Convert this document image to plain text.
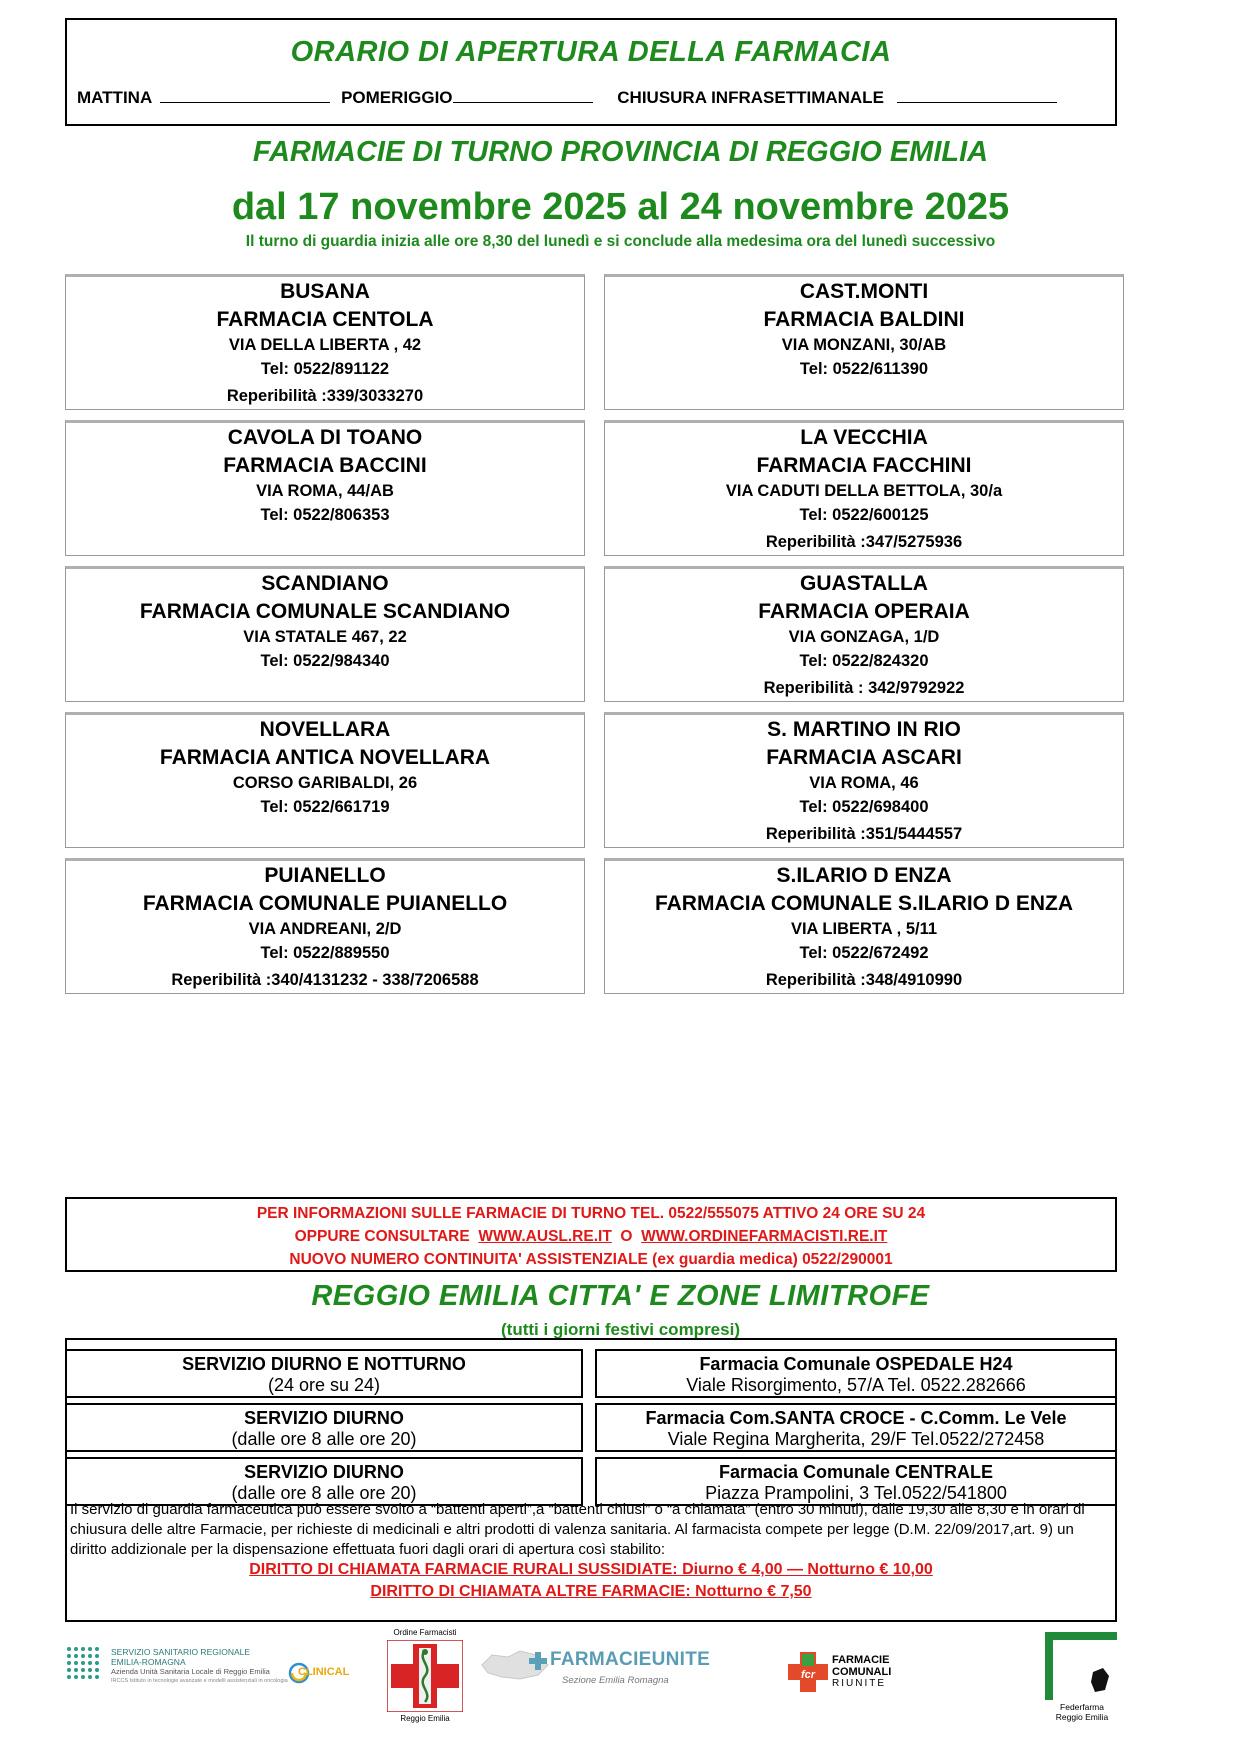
ORARIO DI APERTURA DELLA FARMACIA
MATTINA	POMERIGGIO	CHIUSURA INFRASETTIMANALE
FARMACIE DI TURNO PROVINCIA DI REGGIO EMILIA
dal 17 novembre 2025 al 24 novembre 2025
Il turno di guardia inizia alle ore 8,30 del lunedì e si conclude alla medesima ora del lunedì successivo
BUSANA
FARMACIA CENTOLA
VIA DELLA LIBERTA , 42
Tel: 0522/891122
Reperibilità :339/3033270
CAST.MONTI
FARMACIA BALDINI
VIA MONZANI, 30/AB
Tel: 0522/611390
CAVOLA DI TOANO
FARMACIA BACCINI
VIA ROMA, 44/AB
Tel: 0522/806353
LA VECCHIA
FARMACIA FACCHINI
VIA CADUTI DELLA BETTOLA, 30/a
Tel: 0522/600125
Reperibilità :347/5275936
SCANDIANO
FARMACIA COMUNALE SCANDIANO
VIA STATALE 467, 22
Tel: 0522/984340
GUASTALLA
FARMACIA OPERAIA
VIA GONZAGA, 1/D
Tel: 0522/824320
Reperibilità : 342/9792922
NOVELLARA
FARMACIA ANTICA NOVELLARA
CORSO GARIBALDI, 26
Tel: 0522/661719
S. MARTINO IN RIO
FARMACIA ASCARI
VIA ROMA, 46
Tel: 0522/698400
Reperibilità :351/5444557
PUIANELLO
FARMACIA COMUNALE PUIANELLO
VIA ANDREANI, 2/D
Tel: 0522/889550
Reperibilità :340/4131232 - 338/7206588
S.ILARIO D ENZA
FARMACIA COMUNALE S.ILARIO D ENZA
VIA LIBERTA , 5/11
Tel: 0522/672492
Reperibilità :348/4910990
PER INFORMAZIONI SULLE FARMACIE DI TURNO TEL. 0522/555075 ATTIVO 24 ORE SU 24
OPPURE CONSULTARE WWW.AUSL.RE.IT O WWW.ORDINEFARMACISTI.RE.IT
NUOVO NUMERO CONTINUITA' ASSISTENZIALE (ex guardia medica) 0522/290001
REGGIO EMILIA CITTA' E ZONE LIMITROFE
(tutti i giorni festivi compresi)
SERVIZIO DIURNO E NOTTURNO
(24 ore su 24)
Farmacia Comunale OSPEDALE H24
Viale Risorgimento, 57/A Tel. 0522.282666
SERVIZIO DIURNO
(dalle ore 8 alle ore 20)
Farmacia Com.SANTA CROCE - C.Comm. Le Vele
Viale Regina Margherita, 29/F Tel.0522/272458
SERVIZIO DIURNO
(dalle ore 8 alle ore 20)
Farmacia Comunale CENTRALE
Piazza Prampolini, 3 Tel.0522/541800
Il servizio di guardia farmaceutica può essere svolto a “battenti aperti”,a “battenti chiusi” o “a chiamata” (entro 30 minuti), dalle 19,30 alle 8,30 e in orari di chiusura delle altre Farmacie, per richieste di medicinali e altri prodotti di valenza sanitaria. Al farmacista compete per legge (D.M. 22/09/2017,art. 9) un diritto addizionale per la dispensazione effettuata fuori dagli orari di apertura così stabilito:
DIRITTO DI CHIAMATA FARMACIE RURALI SUSSIDIATE: Diurno € 4,00 — Notturno € 10,00
DIRITTO DI CHIAMATA ALTRE FARMACIE: Notturno € 7,50
SERVIZIO SANITARIO REGIONALE
EMILIA-ROMAGNA
Azienda Unità Sanitaria Locale di Reggio Emilia
IRCCS Istituto in tecnologie avanzate e modelli assistenziali in oncologia
CLINICAL
Ordine Farmacisti
Reggio Emilia
FARMACIEUNITE
Sezione Emilia Romagna	fcr
FARMACIE
COMUNALI
RIUNITE
Federfarma
Reggio Emilia
